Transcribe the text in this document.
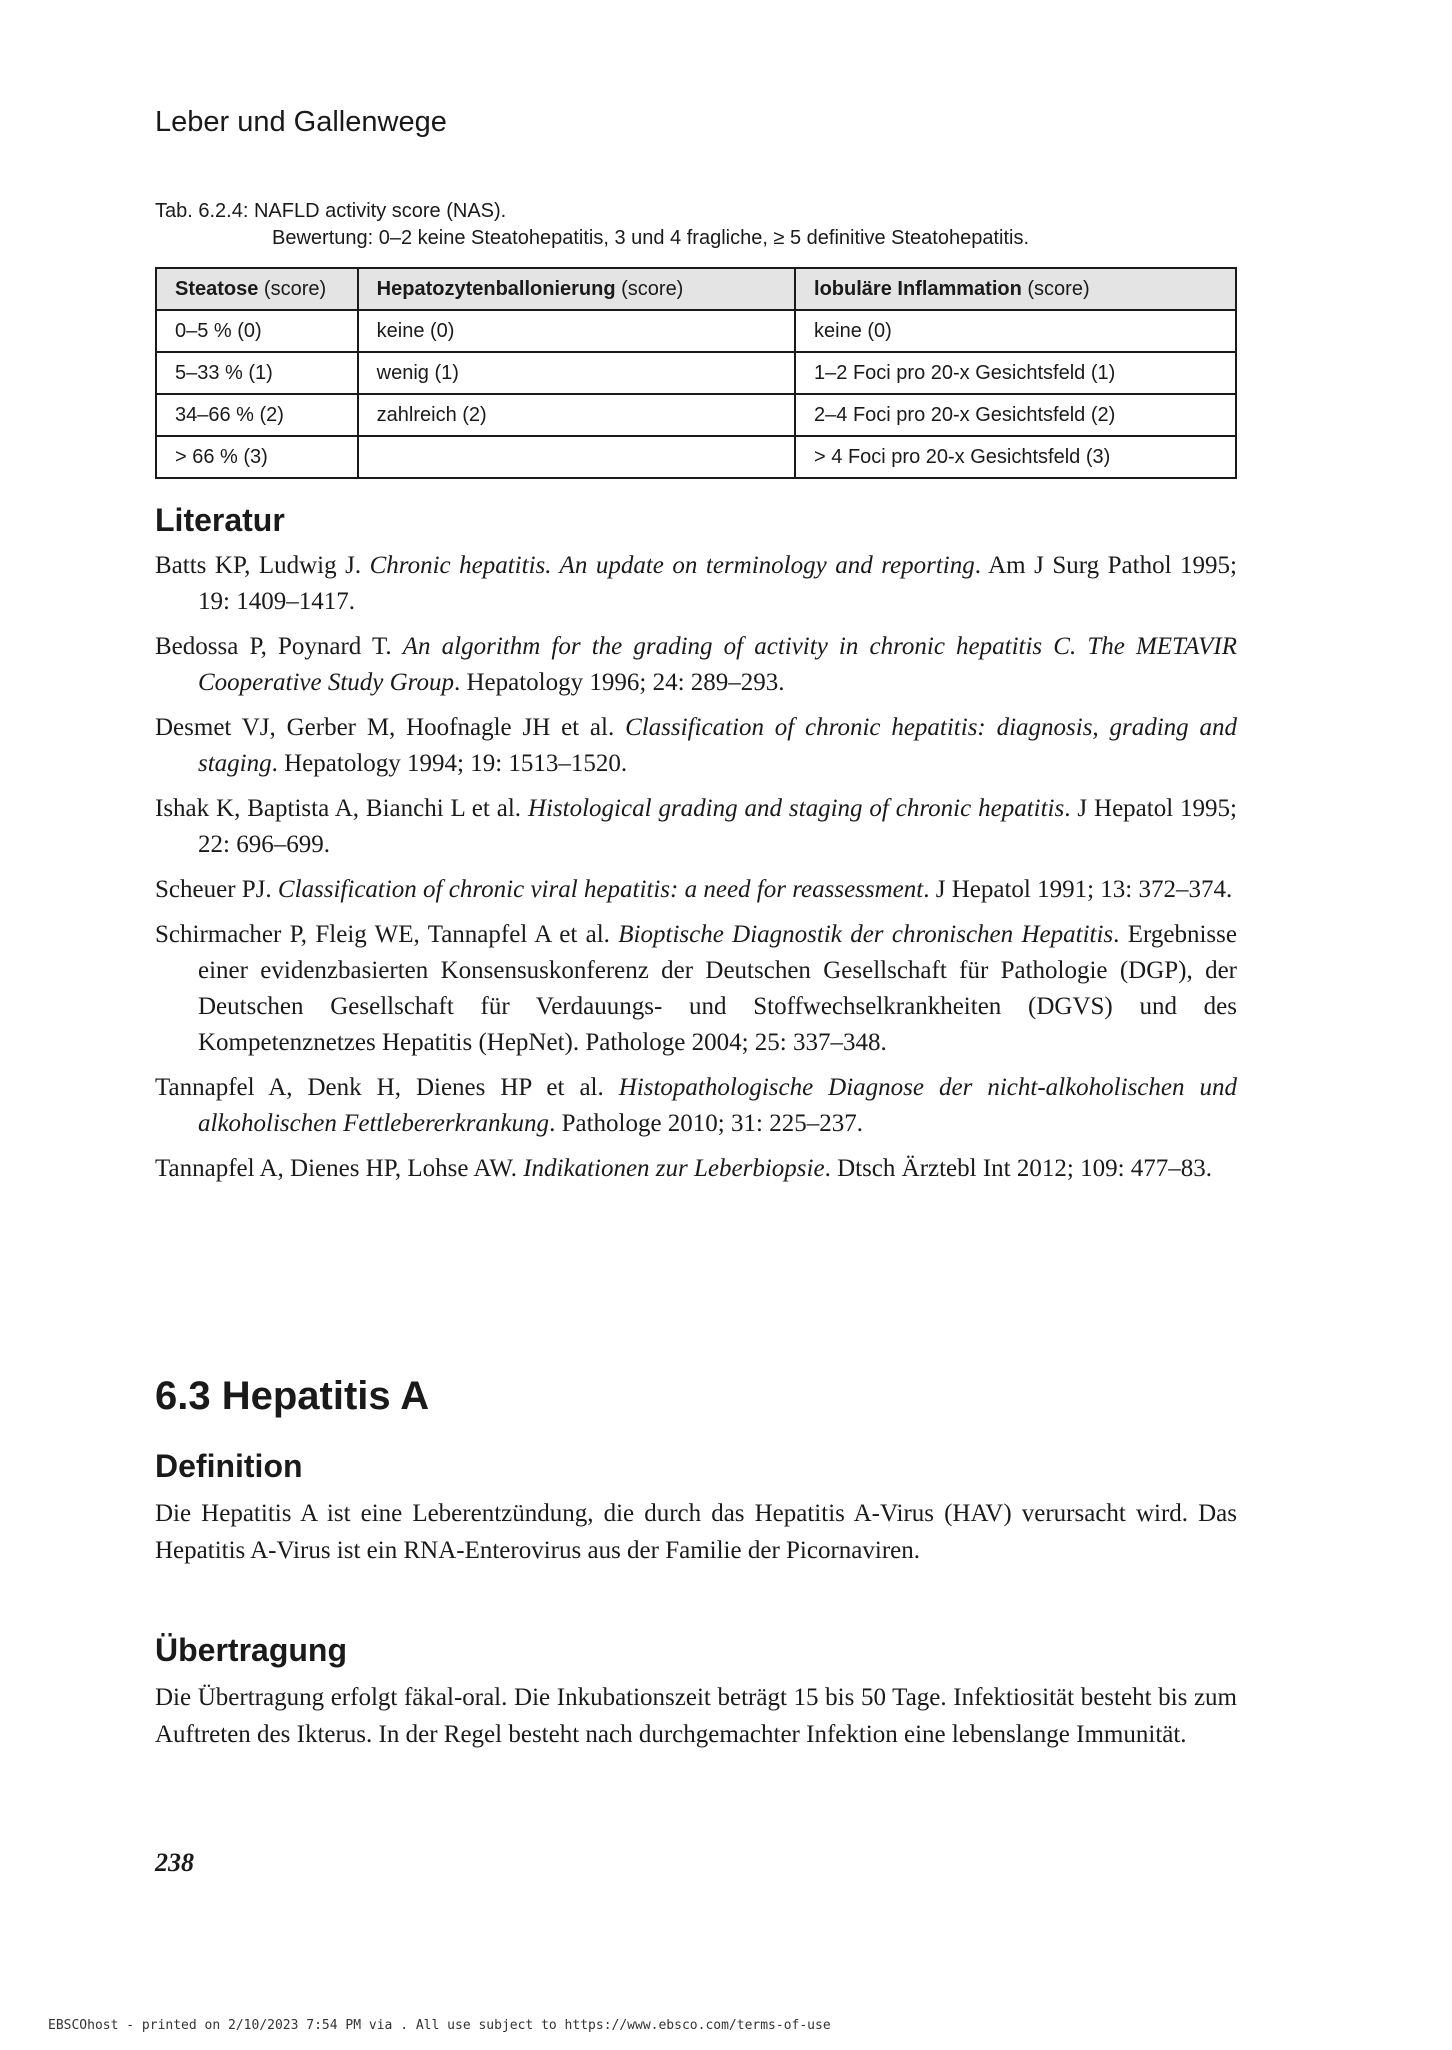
Leber und Gallenwege
Tab. 6.2.4: NAFLD activity score (NAS).
Bewertung: 0–2 keine Steatohepatitis, 3 und 4 fragliche, ≥ 5 definitive Steatohepatitis.
Steatose (score)	Hepatozytenballonierung (score)	lobuläre Inflammation (score)
0–5 % (0)	keine (0)	keine (0)
5–33 % (1)	wenig (1)	1–2 Foci pro 20-x Gesichtsfeld (1)
34–66 % (2)	zahlreich (2)	2–4 Foci pro 20-x Gesichtsfeld (2)
> 66 % (3)		> 4 Foci pro 20-x Gesichtsfeld (3)
Literatur

Batts KP, Ludwig J. Chronic hepatitis. An update on terminology and reporting. Am J Surg Pathol 1995; 19: 1409–1417.

Bedossa P, Poynard T. An algorithm for the grading of activity in chronic hepatitis C. The METAVIR Cooperative Study Group. Hepatology 1996; 24: 289–293.

Desmet VJ, Gerber M, Hoofnagle JH et al. Classification of chronic hepatitis: diagnosis, grading and staging. Hepatology 1994; 19: 1513–1520.

Ishak K, Baptista A, Bianchi L et al. Histological grading and staging of chronic hepatitis. J Hepatol 1995; 22: 696–699.

Scheuer PJ. Classification of chronic viral hepatitis: a need for reassessment. J Hepatol 1991; 13: 372–374.

Schirmacher P, Fleig WE, Tannapfel A et al. Bioptische Diagnostik der chronischen Hepatitis. Ergebnisse einer evidenzbasierten Konsensuskonferenz der Deutschen Gesellschaft für Pathologie (DGP), der Deutschen Gesellschaft für Verdauungs- und Stoffwechselkrankheiten (DGVS) und des Kompetenznetzes Hepatitis (HepNet). Pathologe 2004; 25: 337–348.

Tannapfel A, Denk H, Dienes HP et al. Histopathologische Diagnose der nicht-alkoholischen und alkoholischen Fettlebererkrankung. Pathologe 2010; 31: 225–237.

Tannapfel A, Dienes HP, Lohse AW. Indikationen zur Leberbiopsie. Dtsch Ärztebl Int 2012; 109: 477–83.

6.3 Hepatitis A
Definition
Die Hepatitis A ist eine Leberentzündung, die durch das Hepatitis A-Virus (HAV) verursacht wird. Das Hepatitis A-Virus ist ein RNA-Enterovirus aus der Familie der Picornaviren.
Übertragung
Die Übertragung erfolgt fäkal-oral. Die Inkubationszeit beträgt 15 bis 50 Tage. Infektiosität besteht bis zum Auftreten des Ikterus. In der Regel besteht nach durchgemachter Infektion eine lebenslange Immunität.
238
EBSCOhost - printed on 2/10/2023 7:54 PM via . All use subject to https://www.ebsco.com/terms-of-use
